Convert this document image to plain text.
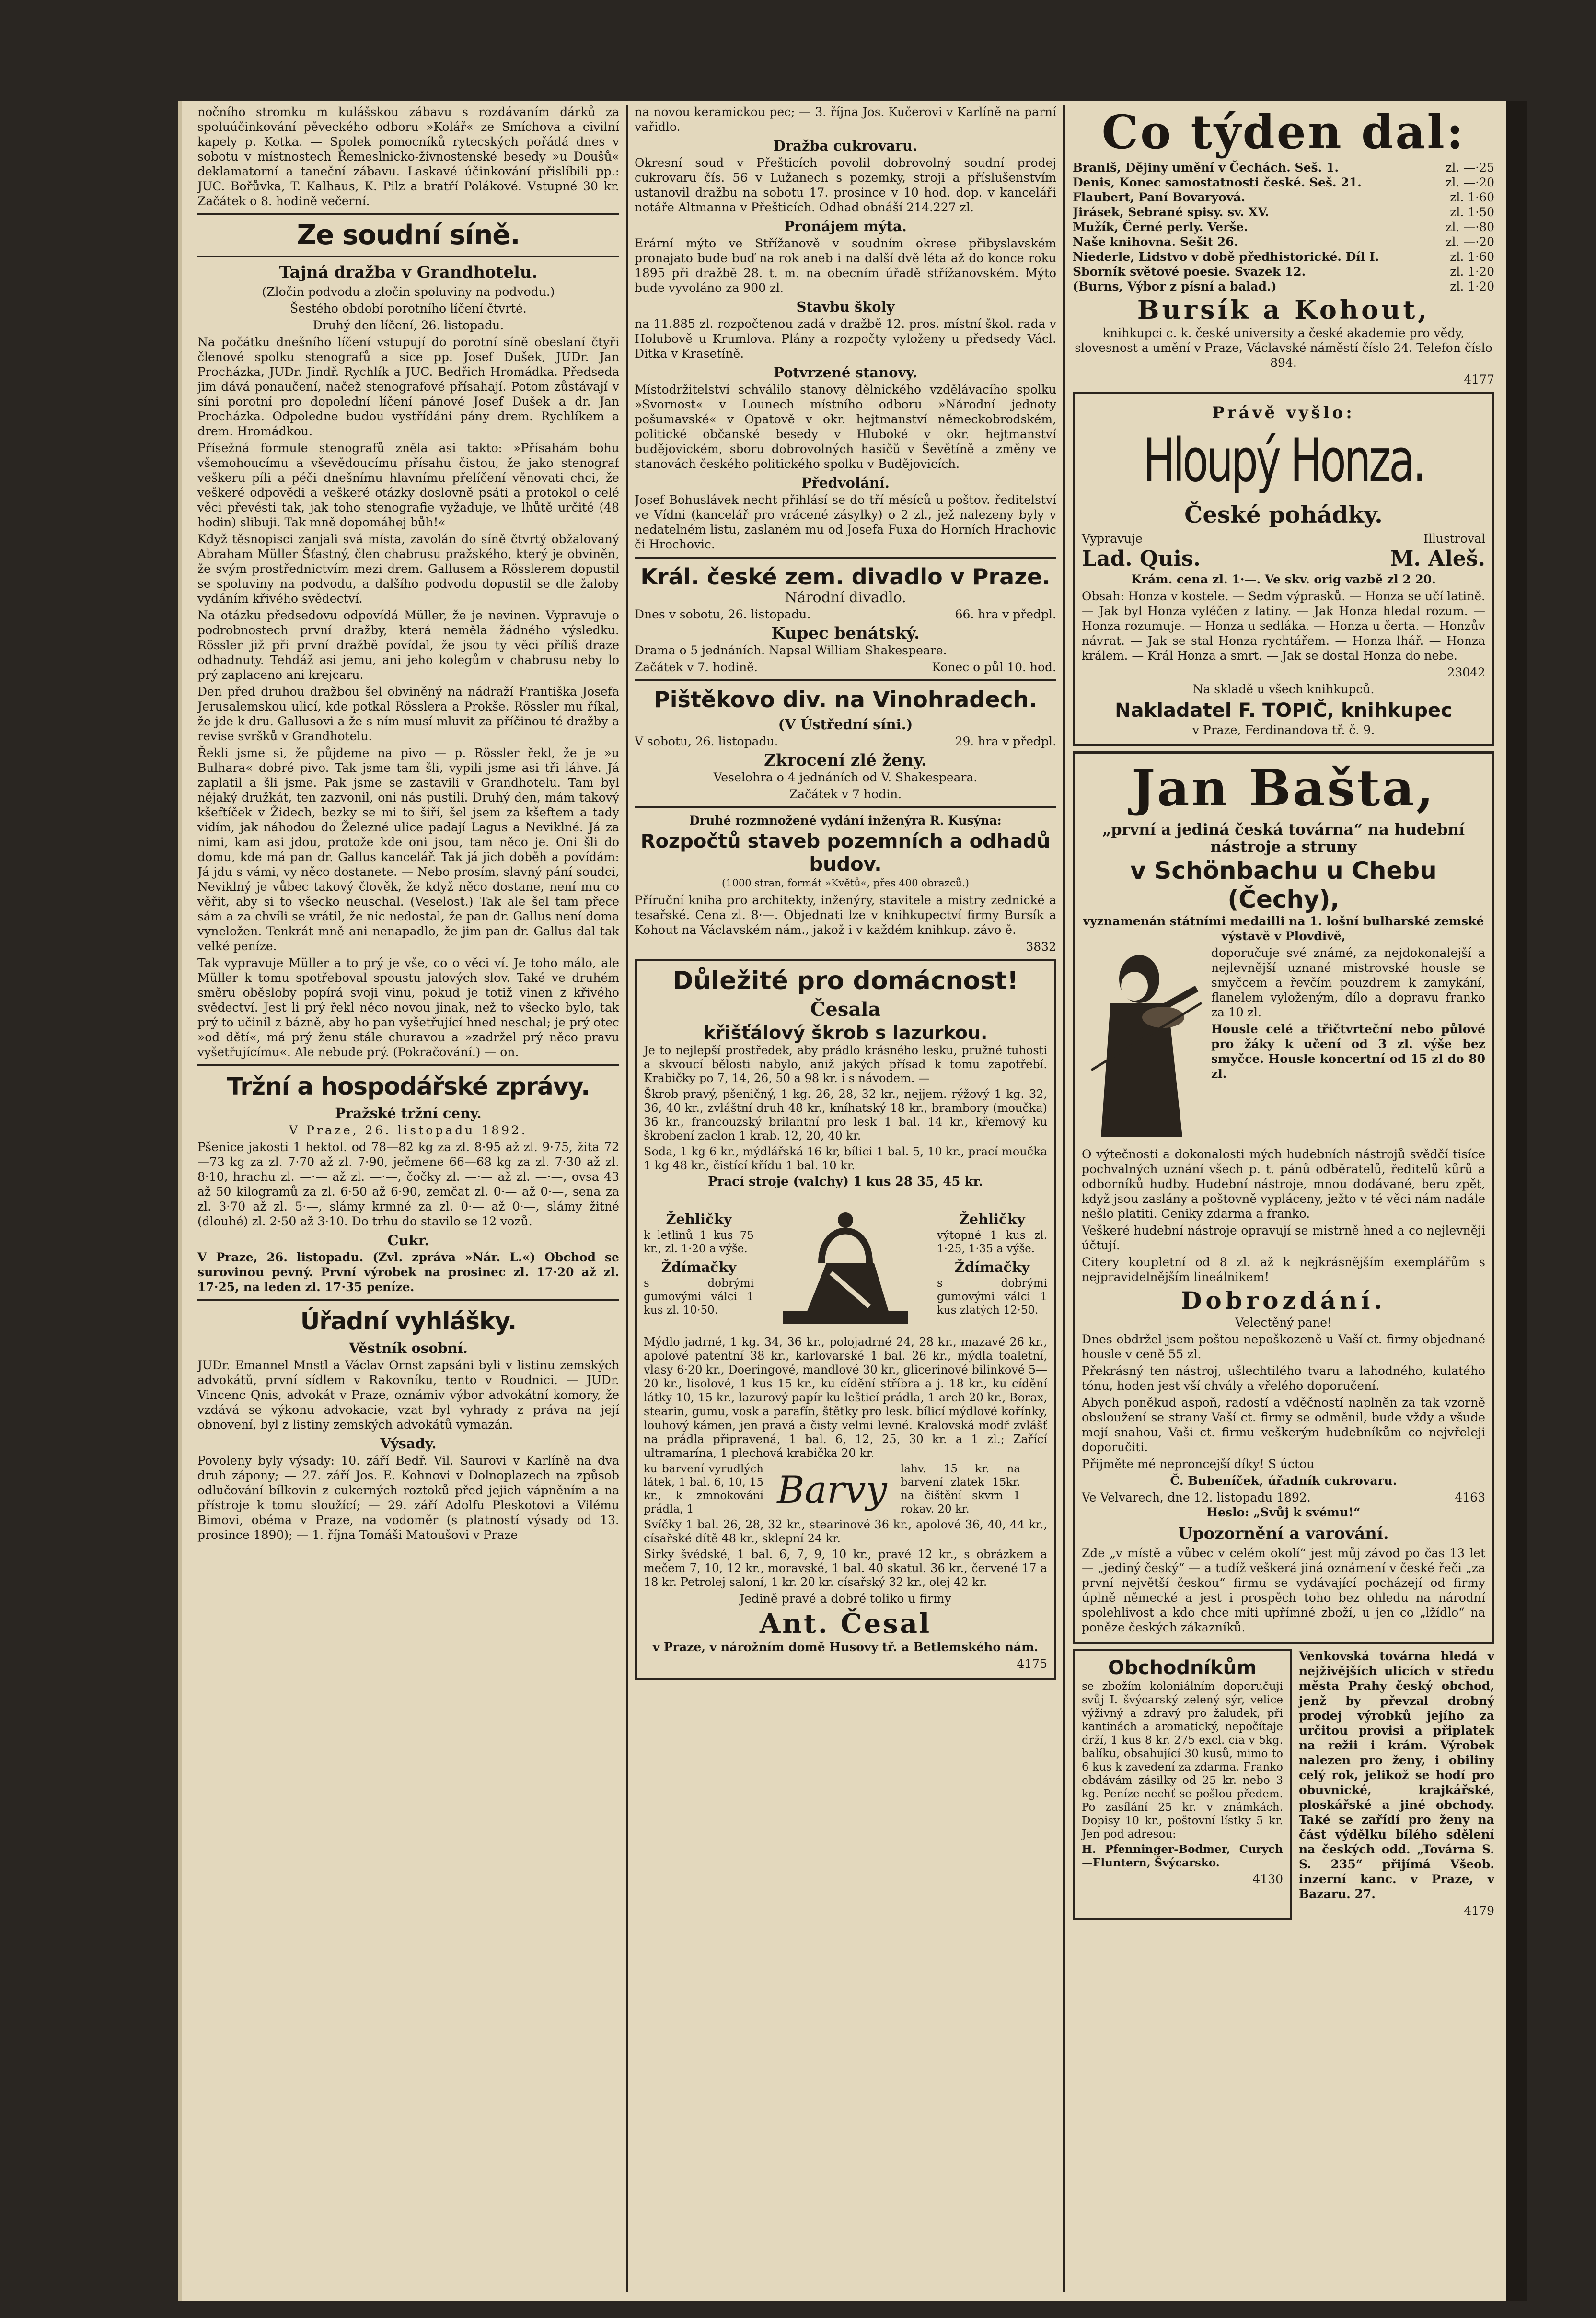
nočního stromku m kulášskou zábavu s rozdávaním dárků za spoluúčinkování pěveckého odboru »Kolář« ze Smíchova a civilní kapely p. Kotka. — Spolek pomocníků rytecských pořádá dnes v sobotu v místnostech Řemeslnicko-živnostenské besedy »u Doušů« deklamatorní a taneční zábavu. Laskavé účinkování přislíbili pp.: JUC. Bořůvka, T. Kalhaus, K. Pilz a bratří Polákové. Vstupné 30 kr. Začátek o 8. hodině večerní.

Ze soudní síně.
Tajná dražba v Grandhotelu.

(Zločin podvodu a zločin spoluviny na podvodu.)

Šestého období porotního líčení čtvrté.

Druhý den líčení, 26. listopadu.

Na počátku dnešního líčení vstupují do porotní síně obeslaní čtyři členové spolku stenografů a sice pp. Josef Dušek, JUDr. Jan Procházka, JUDr. Jindř. Rychlík a JUC. Bedřich Hromádka. Předseda jim dává ponaučení, načež stenografové přísahají. Potom zůstávají v síni porotní pro dopolední líčení pánové Josef Dušek a dr. Jan Procházka. Odpoledne budou vystřídáni pány drem. Rychlíkem a drem. Hromádkou.

Přísežná formule stenografů zněla asi takto: »Přísahám bohu všemohoucímu a vševědoucímu přísahu čistou, že jako stenograf veškeru píli a péči dnešnímu hlavnímu přelíčení věnovati chci, že veškeré odpovědi a veškeré otázky doslovně psáti a protokol o celé věci převésti tak, jak toho stenografie vyžaduje, ve lhůtě určité (48 hodin) slibuji. Tak mně dopomáhej bůh!«

Když těsnopisci zanjali svá místa, zavolán do síně čtvrtý obžalovaný Abraham Müller Šťastný, člen chabrusu pražského, který je obviněn, že svým prostřednictvím mezi drem. Gallusem a Rösslerem dopustil se spoluviny na podvodu, a dalšího podvodu dopustil se dle žaloby vydáním křivého svědectví.

Na otázku předsedovu odpovídá Müller, že je nevinen. Vypravuje o podrobnostech první dražby, která neměla žádného výsledku. Rössler již při první dražbě povídal, že jsou ty věci příliš draze odhadnuty. Tehdáž asi jemu, ani jeho kolegům v chabrusu neby lo prý zaplaceno ani krejcaru.

Den před druhou dražbou šel obviněný na nádraží Františka Josefa Jerusalemskou ulicí, kde potkal Rösslera a Prokše. Rössler mu říkal, že jde k dru. Gallusovi a že s ním musí mluvit za příčinou té dražby a revise svršků v Grandhotelu.

Řekli jsme si, že půjdeme na pivo — p. Rössler řekl, že je »u Bulhara« dobré pivo. Tak jsme tam šli, vypili jsme asi tři láhve. Já zaplatil a šli jsme. Pak jsme se zastavili v Grandhotelu. Tam byl nějaký družkát, ten zazvonil, oni nás pustili. Druhý den, mám takový kšeftíček v Židech, bezky se mi to šiří, šel jsem za kšeftem a tady vidím, jak náhodou do Železné ulice padají Lagus a Neviklné. Já za nimi, kam asi jdou, protože kde oni jsou, tam něco je. Oni šli do domu, kde má pan dr. Gallus kancelář. Tak já jich doběh a povídám: Já jdu s vámi, vy něco dostanete. — Nebo prosím, slavný pání soudci, Neviklný je vůbec takový člověk, že když něco dostane, není mu co věřit, aby si to všecko neuschal. (Veselost.) Tak ale šel tam přece sám a za chvíli se vrátil, že nic nedostal, že pan dr. Gallus není doma vyneložen. Tenkrát mně ani nenapadlo, že jim pan dr. Gallus dal tak velké peníze.

Tak vypravuje Müller a to prý je vše, co o věci ví. Je toho málo, ale Müller k tomu spotřeboval spoustu jalových slov. Také ve druhém směru oběsloby popírá svoji vinu, pokud je totiž vinen z křivého svědectví. Jest li prý řekl něco novou jinak, než to všecko bylo, tak prý to učinil z bázně, aby ho pan vyšetřující hned neschal; je prý otec »od dětí«, má prý ženu stále churavou a »zadržel prý něco pravu vyšetřujícímu«. Ale nebude prý. (Pokračování.) — on.

Tržní a hospodářské zprávy.
Pražské tržní ceny.

V Praze, 26. listopadu 1892.

Pšenice jakosti 1 hektol. od 78—82 kg za zl. 8·95 až zl. 9·75, žita 72—73 kg za zl. 7·70 až zl. 7·90, ječmene 66—68 kg za zl. 7·30 až zl. 8·10, hrachu zl. —·— až zl. —·—, čočky zl. —·— až zl. —·—, ovsa 43 až 50 kilogramů za zl. 6·50 až 6·90, zemčat zl. 0·— až 0·—, sena za zl. 3·70 až zl. 5·—, slámy krmné za zl. 0·— až 0·—, slámy žitné (dlouhé) zl. 2·50 až 3·10. Do trhu do stavilo se 12 vozů.

Cukr.

V Praze, 26. listopadu. (Zvl. zpráva »Nár. L.«) Obchod se surovinou pevný. První výrobek na prosinec zl. 17·20 až zl. 17·25, na leden zl. 17·35 peníze.

Úřadní vyhlášky.
Věstník osobní.

JUDr. Emannel Mnstl a Václav Ornst zapsáni byli v listinu zemských advokátů, první sídlem v Rakovníku, tento v Roudnici. — JUDr. Vincenc Qnis, advokát v Praze, oznámiv výbor advokátní komory, že vzdává se výkonu advokacie, vzat byl vyhrady z práva na její obnovení, byl z listiny zemských advokátů vymazán.

Výsady.

Povoleny byly výsady: 10. září Bedř. Vil. Saurovi v Karlíně na dva druh zápony; — 27. září Jos. E. Kohnovi v Dolnoplazech na způsob odlučování bílkovin z cukerných roztoků před jejich vápněním a na přístroje k tomu sloužící; — 29. září Adolfu Pleskotovi a Vilému Bimovi, obéma v Praze, na vodoměr (s platností výsady od 13. prosince 1890); — 1. října Tomáši Matoušovi v Praze

na novou keramickou pec; — 3. října Jos. Kučerovi v Karlíně na parní vařidlo.

Dražba cukrovaru.

Okresní soud v Přešticích povolil dobrovolný soudní prodej cukrovaru čís. 56 v Lužanech s pozemky, stroji a příslušenstvím ustanovil dražbu na sobotu 17. prosince v 10 hod. dop. v kanceláři notáře Altmanna v Přešticích. Odhad obnáší 214.227 zl.

Pronájem mýta.

Erární mýto ve Střížanově v soudním okrese přibyslavském pronajato bude buď na rok aneb i na další dvě léta až do konce roku 1895 při dražbě 28. t. m. na obecním úřadě střížanovském. Mýto bude vyvoláno za 900 zl.

Stavbu školy

na 11.885 zl. rozpočtenou zadá v dražbě 12. pros. místní škol. rada v Holubově u Krumlova. Plány a rozpočty vyloženy u předsedy Václ. Ditka v Krasetíně.

Potvrzené stanovy.

Místodržitelství schválilo stanovy dělnického vzdělávacího spolku »Svornost« v Lounech místního odboru »Národní jednoty pošumavské« v Opatově v okr. hejtmanství německobrodském, politické občanské besedy v Hluboké v okr. hejtmanství budějovickém, sboru dobrovolných hasičů v Ševětíně a změny ve stanovách českého politického spolku v Budějovicích.

Předvolání.

Josef Bohuslávek necht přihlásí se do tří měsíců u poštov. ředitelství ve Vídni (kancelář pro vrácené zásylky) o 2 zl., jež nalezeny byly v nedatelném listu, zaslaném mu od Josefa Fuxa do Horních Hrachovic či Hrochovic.

Král. české zem. divadlo v Praze.

Národní divadlo.

Dnes v sobotu, 26. listopadu.	66. hra v předpl.
Kupec benátský.

Drama o 5 jednáních. Napsal William Shakespeare.

Začátek v 7. hodině.	Konec o půl 10. hod.
Pištěkovo div. na Vinohradech.
(V Ústřední síni.)
V sobotu, 26. listopadu.	29. hra v předpl.
Zkrocení zlé ženy.

Veselohra o 4 jednáních od V. Shakespeara.

Začátek v 7 hodin.

Druhé rozmnožené vydání inženýra R. Kusýna:

Rozpočtů staveb pozemních a odhadů budov.

(1000 stran, formát »Květů«, přes 400 obrazců.)

Příruční kniha pro architekty, inženýry, stavitele a mistry zednické a tesařské. Cena zl. 8·—. Objednati lze v knihkupectví firmy Bursík a Kohout na Václavském nám., jakož i v každém knihkup. závo ě.

3832

Důležité pro domácnost!
Česala
křišťálový škrob s lazurkou.

Je to nejlepší prostředek, aby prádlo krásného lesku, pružné tuhosti a skvoucí bělosti nabylo, aniž jakých přísad k tomu zapotřebí. Krabičky po 7, 14, 26, 50 a 98 kr. i s návodem. —

Škrob pravý, pšeničný, 1 kg. 26, 28, 32 kr., nejjem. rýžový 1 kg. 32, 36, 40 kr., zvláštní druh 48 kr., kníhatský 18 kr., brambory (moučka) 36 kr., francouzský brilantní pro lesk 1 bal. 14 kr., křemový ku škrobení zaclon 1 krab. 12, 20, 40 kr.

Soda, 1 kg 6 kr., mýdlářská 16 kr, bílici 1 bal. 5, 10 kr., prací moučka 1 kg 48 kr., čistící křídu 1 bal. 10 kr.

Prací stroje (valchy) 1 kus 28 35, 45 kr.

Žehličky

k letlinů 1 kus 75 kr., zl. 1·20 a výše.

Ždímačky

s dobrými gumovými válci 1 kus zl. 10·50.

Žehličky

výtopné 1 kus zl. 1·25, 1·35 a výše.

Ždímačky

s dobrými gumovými válci 1 kus zlatých 12·50.

Mýdlo jadrné, 1 kg. 34, 36 kr., polojadrné 24, 28 kr., mazavé 26 kr., apolové patentní 38 kr., karlovarské 1 bal. 26 kr., mýdla toaletní, vlasy 6·20 kr., Doeringové, mandlové 30 kr., glicerinové bilinkové 5—20 kr., lisolové, 1 kus 15 kr., ku cídění stříbra a j. 18 kr., ku cídění látky 10, 15 kr., lazurový papír ku lešticí prádla, 1 arch 20 kr., Borax, stearin, gumu, vosk a parafín, štětky pro lesk. bílicí mýdlové kořínky, louhový kámen, jen pravá a čisty velmi levné. Kralovská modř zvlášť na prádla připravená, 1 bal. 6, 12, 25, 30 kr. a 1 zl.; Zařící ultramarína, 1 plechová krabička 20 kr.

ku barvení vyrudlých látek, 1 bal. 6, 10, 15 kr., k zmnokování prádla, 1	Barvy	lahv. 15 kr. na barvení zlatek 15kr. na čištění skvrn 1 rokav. 20 kr.

Svíčky 1 bal. 26, 28, 32 kr., stearinové 36 kr., apolové 36, 40, 44 kr., císařské dítě 48 kr., sklepní 24 kr.

Sirky švédské, 1 bal. 6, 7, 9, 10 kr., pravé 12 kr., s obrázkem a mečem 7, 10, 12 kr., moravské, 1 bal. 40 skatul. 36 kr., červené 17 a 18 kr. Petrolej saloní, 1 kr. 20 kr. císařský 32 kr., olej 42 kr.

Jedině pravé a dobré toliko u firmy

Ant. Česal

v Praze, v nárožním domě Husovy tř. a Betlemského nám.

4175

Co týden dal:
Branlš, Dějiny umění v Čechách. Seš. 1.	zl. —·25
Denis, Konec samostatnosti české. Seš. 21.	zl. —·20
Flaubert, Paní Bovaryová.	zl. 1·60
Jirásek, Sebrané spisy. sv. XV.	zl. 1·50
Mužík, Černé perly. Verše.	zl. —·80
Naše knihovna. Sešit 26.	zl. —·20
Niederle, Lidstvo v době předhistorické. Díl I.	zl. 1·60
Sborník světové poesie. Svazek 12.	zl. 1·20
(Burns, Výbor z písní a balad.)	zl. 1·20
Bursík a Kohout,

knihkupci c. k. české university a české akademie pro vědy, slovesnost a umění v Praze, Václavské náměstí číslo 24. Telefon číslo 894.

4177

Právě vyšlo:
Hloupý Honza.
České pohádky.
Vypravuje	Illustroval
Lad. Quis.	M. Aleš.

Krám. cena zl. 1·—. Ve skv. orig vazbě zl 2 20.

Obsah: Honza v kostele. — Sedm výprasků. — Honza se učí latině. — Jak byl Honza vyléčen z latiny. — Jak Honza hledal rozum. — Honza rozumuje. — Honza u sedláka. — Honza u čerta. — Honzův návrat. — Jak se stal Honza rychtářem. — Honza lhář. — Honza králem. — Král Honza a smrt. — Jak se dostal Honza do nebe.

23042

Na skladě u všech knihkupců.

Nakladatel F. TOPIČ, knihkupec

v Praze, Ferdinandova tř. č. 9.

Jan Bašta,
„první a jediná česká továrna“ na hudební nástroje a struny
v Schönbachu u Chebu (Čechy),

vyznamenán státními medailli na 1. lošní bulharské zemské výstavě v Plovdivě,

doporučuje své známé, za nejdokonalejší a nejlevnější uznané mistrovské housle se smyčcem a řevčím pouzdrem k zamykání, flanelem vyloženým, dílo a dopravu franko za 10 zl.

Housle celé a třičtvrteční nebo půlové pro žáky k učení od 3 zl. výše bez smyčce. Housle koncertní od 15 zl do 80 zl.

O výtečnosti a dokonalosti mých hudebních nástrojů svědčí tisíce pochvalných uznání všech p. t. pánů odběratelů, ředitelů kůrů a odborníků hudby. Hudební nástroje, mnou dodávané, beru zpět, když jsou zaslány a poštovně vypláceny, ježto v té věci nám nadále nešlo platiti. Ceniky zdarma a franko.

Veškeré hudební nástroje opravují se mistrně hned a co nejlevněji účtují.

Citery koupletní od 8 zl. až k nejkrásnějším exemplářům s nejpravidelnějším lineálnikem!

Dobrozdání.

Velectěný pane!

Dnes obdržel jsem poštou nepoškozeně u Vaší ct. firmy objednané housle v ceně 55 zl.

Překrásný ten nástroj, ušlechtilého tvaru a lahodného, kulatého tónu, hoden jest vší chvály a vřelého doporučení.

Abych poněkud aspoň, radostí a vděčností naplněn za tak vzorně obsloužení se strany Vaší ct. firmy se odměnil, bude vždy a všude mojí snahou, Vaši ct. firmu veškerým hudebníkům co nejvřeleji doporučiti.

Přijměte mé neproncejší díky! S úctou

Č. Bubeníček, úřadník cukrovaru.

Ve Velvarech, dne 12. listopadu 1892.	4163

Heslo: „Svůj k svému!“

Upozornění a varování.

Zde „v místě a vůbec v celém okolí“ jest můj závod po čas 13 let — „jediný český“ — a tudíž veškerá jiná oznámení v české řeči „za první největší českou“ firmu se vydávající pocházejí od firmy úplně německé a jest i prospěch toho bez ohledu na národní spolehlivost a kdo chce míti upřímné zboží, u jen co „lžídlo“ na poněze českých zákazníků.

Obchodníkům

se zbožím koloniálním doporučuji svůj I. švýcarský zelený sýr, velice výživný a zdravý pro žaludek, při kantinách a aromatický, nepočítaje drží, 1 kus 8 kr. 275 excl. cia v 5kg. balíku, obsahující 30 kusů, mimo to 6 kus k zavedení za zdarma. Franko obdávám zásilky od 25 kr. nebo 3 kg. Peníze nechť se pošlou předem. Po zasílání 25 kr. v známkách. Dopisy 10 kr., poštovní lístky 5 kr. Jen pod adresou:

H. Pfenninger-Bodmer, Curych—Fluntern, Švýcarsko.

4130

Venkovská továrna hledá v nejživějších ulicích v středu města Prahy český obchod, jenž by převzal drobný prodej výrobků jejího za určitou provisi a připlatek na režii i krám. Výrobek nalezen pro ženy, i obiliny celý rok, jelikož se hodí pro obuvnické, krajkářské, ploskářské a jiné obchody. Také se zařídí pro ženy na část výdělku bílého sdělení na českých odd. „Továrna S. S. 235“ přijímá Všeob. inzerní kanc. v Praze, v Bazaru. 27.

4179
